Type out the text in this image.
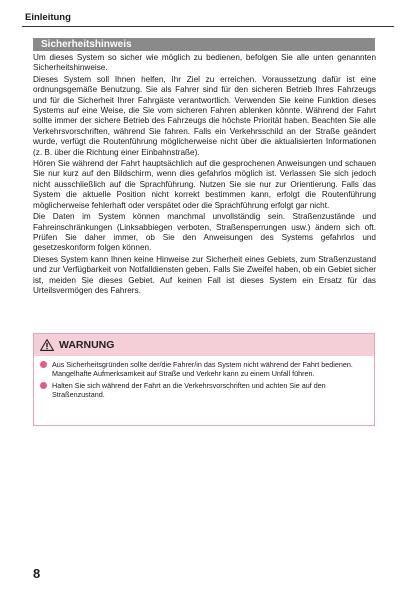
Einleitung
Sicherheitshinweis

Um dieses System so sicher wie möglich zu bedienen, befolgen Sie alle unten genannten Sicherheitshinweise.

Dieses System soll Ihnen helfen, Ihr Ziel zu erreichen. Voraussetzung dafür ist eine ordnungsgemäße Benutzung. Sie als Fahrer sind für den sicheren Betrieb Ihres Fahrzeugs und für die Sicherheit Ihrer Fahrgäste verantwortlich. Verwenden Sie keine Funktion dieses Systems auf eine Weise, die Sie vom sicheren Fahren ablenken könnte. Während der Fahrt sollte immer der sichere Betrieb des Fahrzeugs die höchste Priorität haben. Beachten Sie alle Verkehrsvorschriften, während Sie fahren. Falls ein Verkehrsschild an der Straße geändert wurde, verfügt die Routenführung möglicherweise nicht über die aktualisierten Informationen (z. B. über die Richtung einer Einbahnstraße).

Hören Sie während der Fahrt hauptsächlich auf die gesprochenen Anweisungen und schauen Sie nur kurz auf den Bildschirm, wenn dies gefahrlos möglich ist. Verlassen Sie sich jedoch nicht ausschließlich auf die Sprachführung. Nutzen Sie sie nur zur Orientierung. Falls das System die aktuelle Position nicht korrekt bestimmen kann, erfolgt die Routenführung möglicherweise fehlerhaft oder verspätet oder die Sprachführung erfolgt gar nicht.

Die Daten im System können manchmal unvollständig sein. Straßenzustände und Fahreinschränkungen (Linksabbiegen verboten, Straßensperrungen usw.) ändern sich oft. Prüfen Sie daher immer, ob Sie den Anweisungen des Systems gefahrlos und gesetzeskonform folgen können.

Dieses System kann Ihnen keine Hinweise zur Sicherheit eines Gebiets, zum Straßenzustand und zur Verfügbarkeit von Notfalldiensten geben. Falls Sie Zweifel haben, ob ein Gebiet sicher ist, meiden Sie dieses Gebiet. Auf keinen Fall ist dieses System ein Ersatz für das Urteilsvermögen des Fahrers.

WARNUNG
Aus Sicherheitsgründen sollte der/die Fahrer/in das System nicht während der Fahrt bedienen. Mangelhafte Aufmerksamkeit auf Straße und Verkehr kann zu einem Unfall führen.
Halten Sie sich während der Fahrt an die Verkehrsvorschriften und achten Sie auf den Straßenzustand.
8
